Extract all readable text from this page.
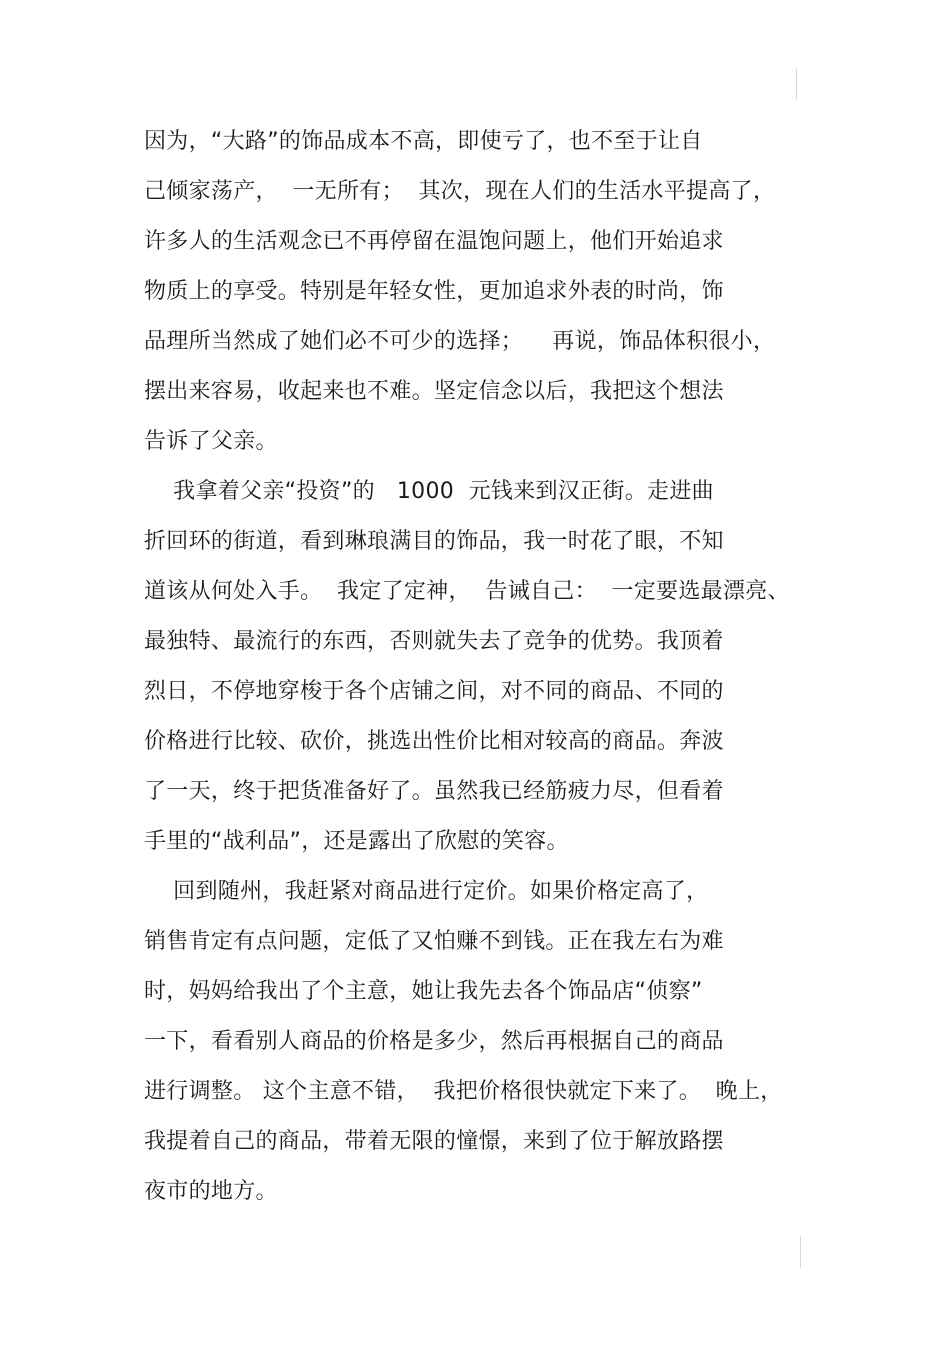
因为，“大路”的饰品成本不高，即使亏了，也不至于让自
己倾家荡产，  一无所有；  其次，现在人们的生活水平提高了，
许多人的生活观念已不再停留在温饱问题上，他们开始追求
物质上的享受。特别是年轻女性，更加追求外表的时尚，饰
品理所当然成了她们必不可少的选择；    再说，饰品体积很小，
摆出来容易，收起来也不难。坚定信念以后，我把这个想法
告诉了父亲。
我拿着父亲“投资”的   1000  元钱来到汉正街。走进曲
折回环的街道，看到琳琅满目的饰品，我一时花了眼，不知
道该从何处入手。  我定了定神，  告诫自己：  一定要选最漂亮、
最独特、最流行的东西，否则就失去了竞争的优势。我顶着
烈日，不停地穿梭于各个店铺之间，对不同的商品、不同的
价格进行比较、砍价，挑选出性价比相对较高的商品。奔波
了一天，终于把货准备好了。虽然我已经筋疲力尽，但看着
手里的“战利品”，还是露出了欣慰的笑容。
回到随州，我赶紧对商品进行定价。如果价格定高了，
销售肯定有点问题，定低了又怕赚不到钱。正在我左右为难
时，妈妈给我出了个主意，她让我先去各个饰品店“侦察”
一下，看看别人商品的价格是多少，然后再根据自己的商品
进行调整。 这个主意不错，  我把价格很快就定下来了。  晚上，
我提着自己的商品，带着无限的憧憬，来到了位于解放路摆
夜市的地方。
